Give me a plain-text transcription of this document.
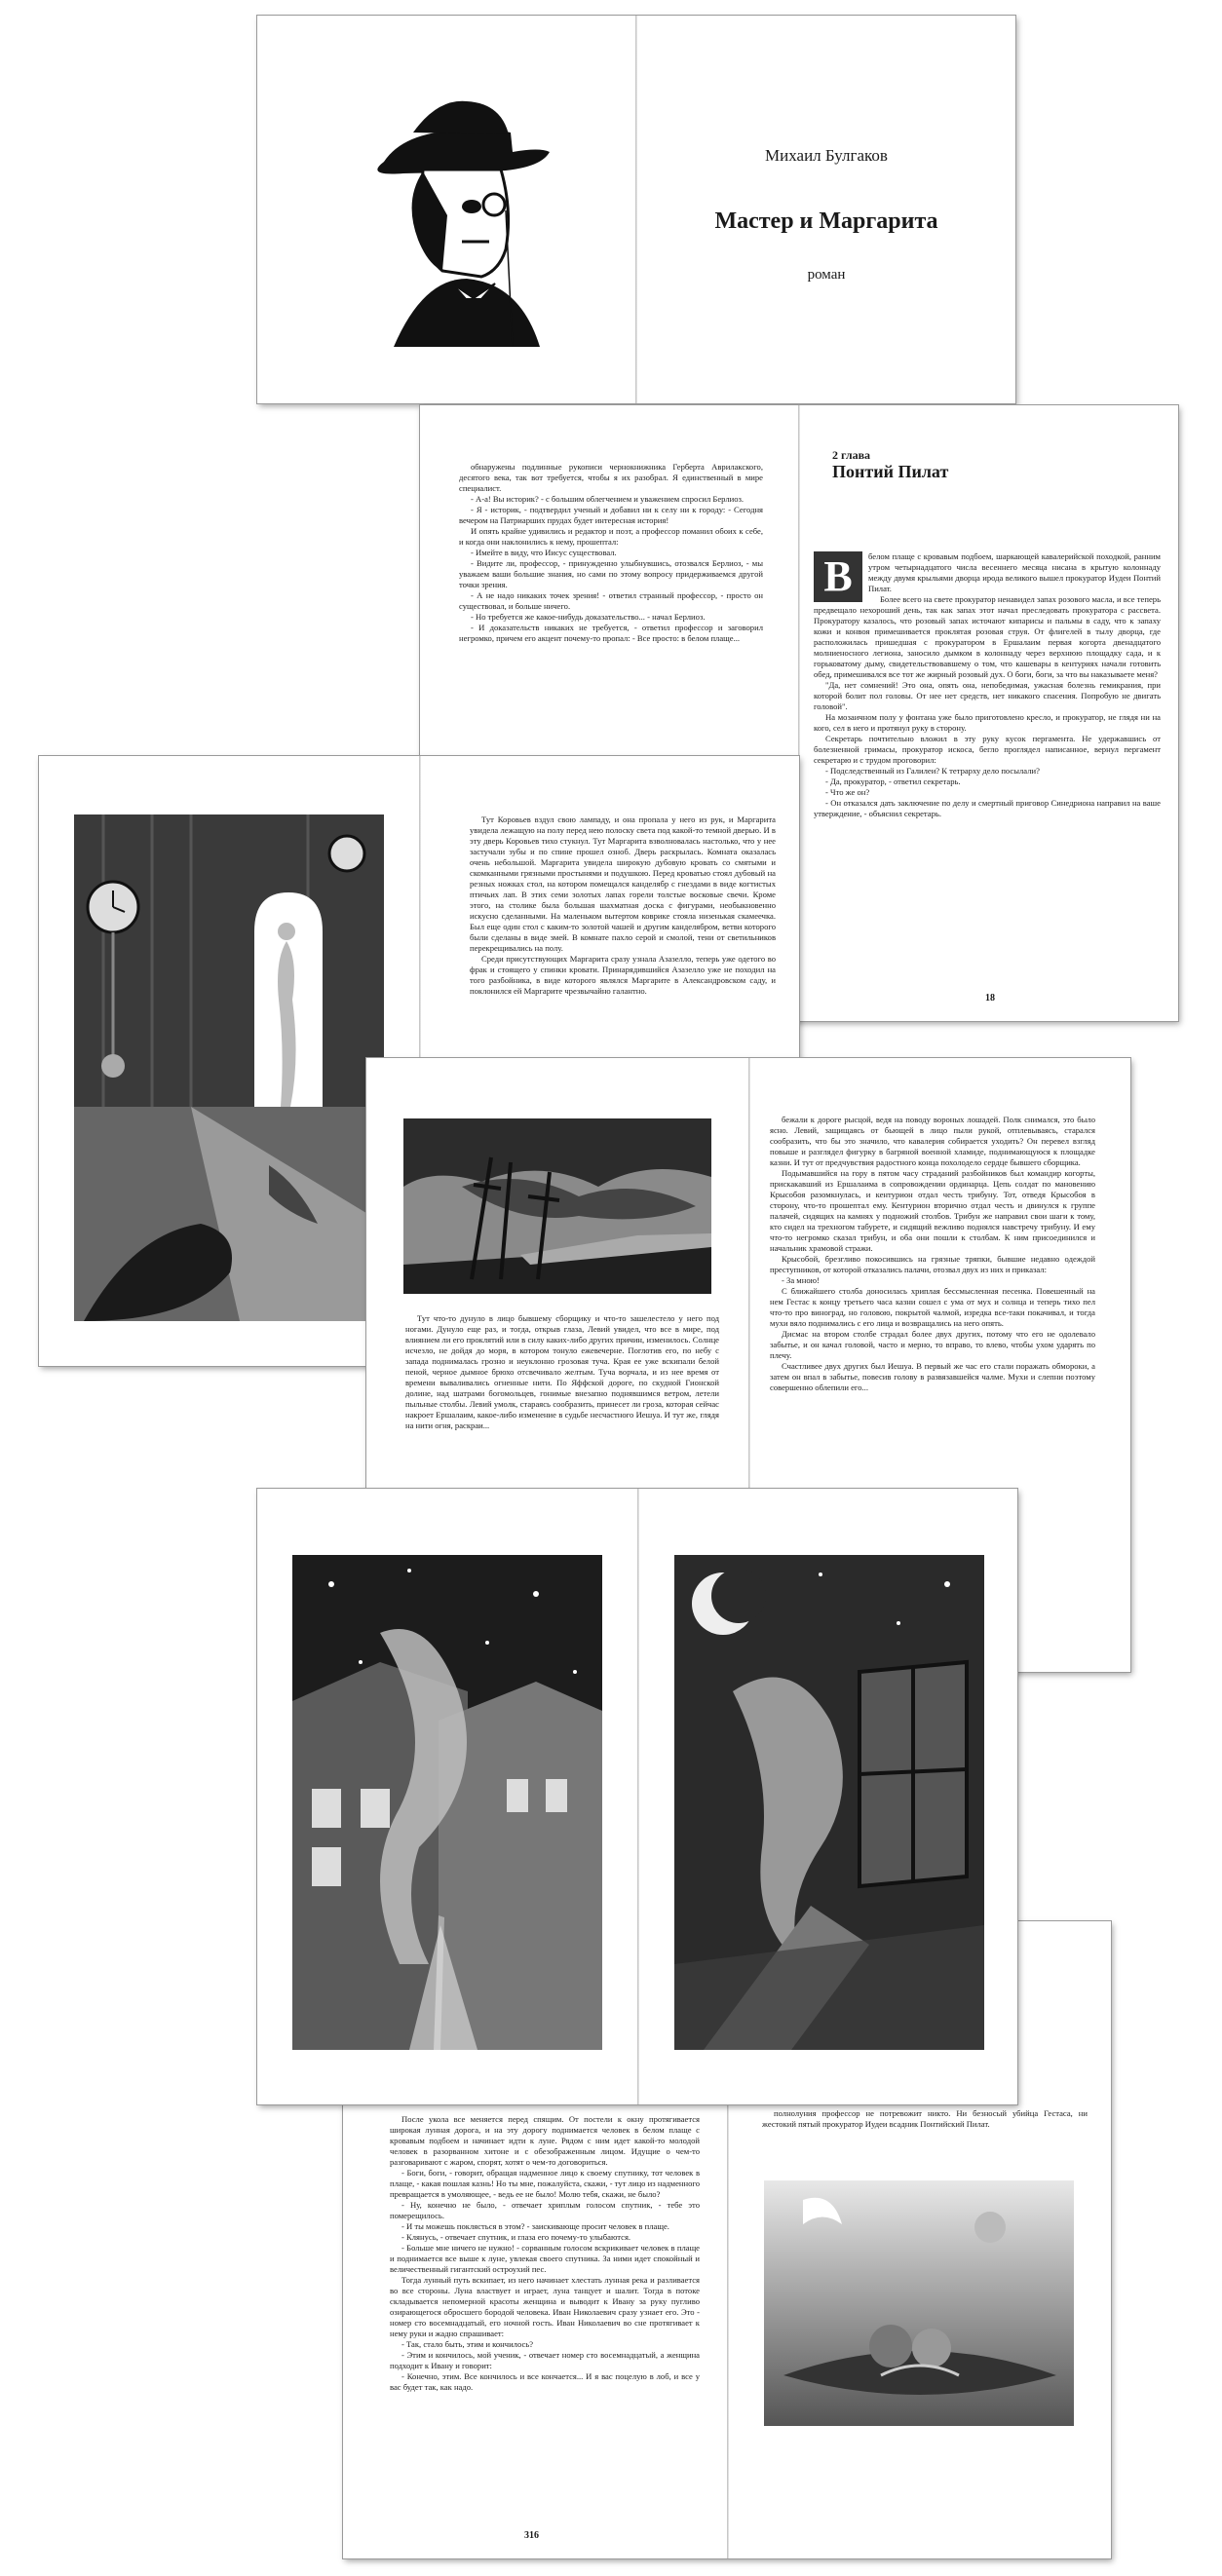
Михаил Булгаков
Мастер и Маргарита
роман

обнаружены подлинные рукописи чернокнижника Герберта Аврилакского, десятого века, так вот требуется, чтобы я их разобрал. Я единственный в мире специалист.

- А-а! Вы историк? - с большим облегчением и уважением спросил Берлиоз.

- Я - историк, - подтвердил ученый и добавил ни к селу ни к городу: - Сегодня вечером на Патриарших прудах будет интересная история!

И опять крайне удивились и редактор и поэт, а профессор поманил обоих к себе, и когда они наклонились к нему, прошептал:

- Имейте в виду, что Иисус существовал.

- Видите ли, профессор, - принужденно улыбнувшись, отозвался Берлиоз, - мы уважаем ваши большие знания, но сами по этому вопросу придерживаемся другой точки зрения.

- А не надо никаких точек зрения! - ответил странный профессор, - просто он существовал, и больше ничего.

- Но требуется же какое-нибудь доказательство... - начал Берлиоз.

- И доказательств никаких не требуется, - ответил профессор и заговорил негромко, причем его акцент почему-то пропал: - Все просто: в белом плаще...

2 глава
Понтий Пилат
В	белом плаще с кровавым подбоем, шаркающей кавалерийской походкой, ранним утром четырнадцатого числа весеннего месяца нисана в крытую колоннаду между двумя крыльями дворца ирода великого вышел прокуратор Иудеи Понтий Пилат.

Более всего на свете прокуратор ненавидел запах розового масла, и все теперь предвещало нехороший день, так как запах этот начал преследовать прокуратора с рассвета. Прокуратору казалось, что розовый запах источают кипарисы и пальмы в саду, что к запаху кожи и конвоя примешивается проклятая розовая струя. От флигелей в тылу дворца, где расположилась пришедшая с прокуратором в Ершалаим первая когорта двенадцатого молниеносного легиона, заносило дымком в колоннаду через верхнюю площадку сада, и к горьковатому дыму, свидетельствовавшему о том, что кашевары в кентуриях начали готовить обед, примешивался все тот же жирный розовый дух. О боги, боги, за что вы наказываете меня?

"Да, нет сомнений! Это она, опять она, непобедимая, ужасная болезнь гемикрания, при которой болит пол головы. От нее нет средств, нет никакого спасения. Попробую не двигать головой".

На мозаичном полу у фонтана уже было приготовлено кресло, и прокуратор, не глядя ни на кого, сел в него и протянул руку в сторону.

Секретарь почтительно вложил в эту руку кусок пергамента. Не удержавшись от болезненной гримасы, прокуратор искоса, бегло проглядел написанное, вернул пергамент секретарю и с трудом проговорил:

- Подследственный из Галилеи? К тетрарху дело посылали?

- Да, прокуратор, - ответил секретарь.

- Что же он?

- Он отказался дать заключение по делу и смертный приговор Синедриона направил на ваше утверждение, - объяснил секретарь.

18

Тут Коровьев вздул свою лампаду, и она пропала у него из рук, и Маргарита увидела лежащую на полу перед нею полоску света под какой-то темной дверью. И в эту дверь Коровьев тихо стукнул. Тут Маргарита взволновалась настолько, что у нее застучали зубы и по спине прошел озноб. Дверь раскрылась. Комната оказалась очень небольшой. Маргарита увидела широкую дубовую кровать со смятыми и скомканными грязными простынями и подушкою. Перед кроватью стоял дубовый на резных ножках стол, на котором помещался канделябр с гнездами в виде когтистых птичьих лап. В этих семи золотых лапах горели толстые восковые свечи. Кроме этого, на столике была большая шахматная доска с фигурами, необыкновенно искусно сделанными. На маленьком вытертом коврике стояла низенькая скамеечка. Был еще один стол с каким-то золотой чашей и другим канделябром, ветви которого были сделаны в виде змей. В комнате пахло серой и смолой, тени от светильников перекрещивались на полу.

Среди присутствующих Маргарита сразу узнала Азазелло, теперь уже одетого во фрак и стоящего у спинки кровати. Принарядившийся Азазелло уже не походил на того разбойника, в виде которого являлся Маргарите в Александровском саду, и поклонился ей Маргарите чрезвычайно галантно.

Тут что-то дунуло в лицо бывшему сборщику и что-то зашелестело у него под ногами. Дунуло еще раз, и тогда, открыв глаза, Левий увидел, что все в мире, под влиянием ли его проклятий или в силу каких-либо других причин, изменилось. Солнце исчезло, не дойдя до моря, в котором тонуло ежевечерне. Поглотив его, по небу с запада поднималась грозно и неуклонно грозовая туча. Края ее уже вскипали белой пеной, черное дымное брюхо отсвечивало желтым. Туча ворчала, и из нее время от времени вываливались огненные нити. По Яффской дороге, по скудной Гионской долине, над шатрами богомольцев, гонимые внезапно поднявшимся ветром, летели пыльные столбы. Левий умолк, стараясь сообразить, принесет ли гроза, которая сейчас накроет Ершалаим, какое-либо изменение в судьбе несчастного Иешуа. И тут же, глядя на нити огня, раскраи...

бежали к дороге рысцой, ведя на поводу вороных лошадей. Полк снимался, это было ясно. Левий, защищаясь от бьющей в лицо пыли рукой, отплевываясь, старался сообразить, что бы это значило, что кавалерия собирается уходить? Он перевел взгляд повыше и разглядел фигурку в багряной военной хламиде, поднимающуюся к площадке казни. И тут от предчувствия радостного конца похолодело сердце бывшего сборщика.

Подымавшийся на гору в пятом часу страданий разбойников был командир когорты, прискакавший из Ершалаима в сопровождении ординарца. Цепь солдат по мановению Крысобоя разомкнулась, и кентурион отдал честь трибуну. Тот, отведя Крысобоя в сторону, что-то прошептал ему. Кентурион вторично отдал честь и двинулся к группе палачей, сидящих на камнях у подножий столбов. Трибун же направил свои шаги к тому, кто сидел на трехногом табурете, и сидящий вежливо поднялся навстречу трибуну. И ему что-то негромко сказал трибун, и оба они пошли к столбам. К ним присоединился и начальник храмовой стражи.

Крысобой, брезгливо покосившись на грязные тряпки, бывшие недавно одеждой преступников, от которой отказались палачи, отозвал двух из них и приказал:

- За мною!

С ближайшего столба доносилась хриплая бессмысленная песенка. Повешенный на нем Гестас к концу третьего часа казни сошел с ума от мух и солнца и теперь тихо пел что-то про виноград, но головою, покрытой чалмой, изредка все-таки покачивал, и тогда мухи вяло поднимались с его лица и возвращались на него опять.

Дисмас на втором столбе страдал более двух других, потому что его не одолевало забытье, и он качал головой, часто и мерно, то вправо, то влево, чтобы ухом ударять по плечу.

Счастливее двух других был Иешуа. В первый же час его стали поражать обмороки, а затем он впал в забытье, повесив голову в развязавшейся чалме. Мухи и слепни поэтому совершенно облепили его...

После укола все меняется перед спящим. От постели к окну протягивается широкая лунная дорога, и на эту дорогу поднимается человек в белом плаще с кровавым подбоем и начинает идти к луне. Рядом с ним идет какой-то молодой человек в разорванном хитоне и с обезображенным лицом. Идущие о чем-то разговаривают с жаром, спорят, хотят о чем-то договориться.

- Боги, боги, - говорит, обращая надменное лицо к своему спутнику, тот человек в плаще, - какая пошлая казнь! Но ты мне, пожалуйста, скажи, - тут лицо из надменного превращается в умоляющее, - ведь ее не было! Молю тебя, скажи, не было?

- Ну, конечно не было, - отвечает хриплым голосом спутник, - тебе это померещилось.

- И ты можешь поклясться в этом? - заискивающе просит человек в плаще.

- Клянусь, - отвечает спутник, и глаза его почему-то улыбаются.

- Больше мне ничего не нужно! - сорванным голосом вскрикивает человек в плаще и поднимается все выше к луне, увлекая своего спутника. За ними идет спокойный и величественный гигантский остроухий пес.

Тогда лунный путь вскипает, из него начинает хлестать лунная река и разливается во все стороны. Луна властвует и играет, луна танцует и шалит. Тогда в потоке складывается непомерной красоты женщина и выводит к Ивану за руку пугливо озирающегося обросшего бородой человека. Иван Николаевич сразу узнает его. Это - номер сто восемнадцатый, его ночной гость. Иван Николаевич во сне протягивает к нему руки и жадно спрашивает:

- Так, стало быть, этим и кончилось?

- Этим и кончилось, мой ученик, - отвечает номер сто восемнадцатый, а женщина подходит к Ивану и говорит:

- Конечно, этим. Все кончилось и все кончается... И я вас поцелую в лоб, и все у вас будет так, как надо.

316

полнолуния профессор не потревожит никто. Ни безносый убийца Гестаса, ни жестокий пятый прокуратор Иудеи всадник Понтийский Пилат.
